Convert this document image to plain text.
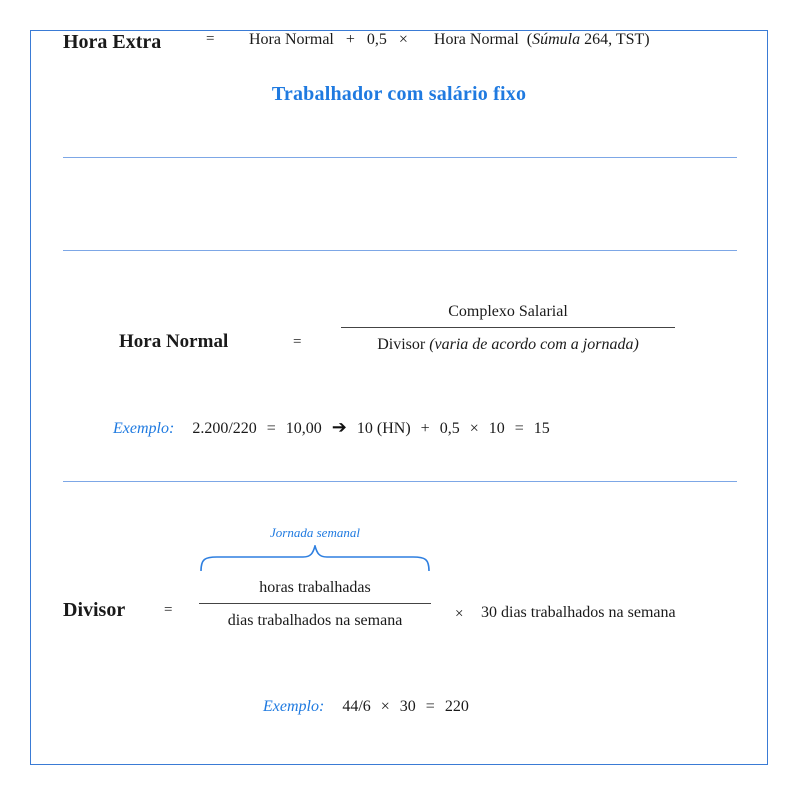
Trabalhador com salário fixo
Hora Extra	= Hora Normal + 0,5 × Hora Normal (Súmula 264, TST)
Hora Normal	=
Complexo Salarial
Divisor (varia de acordo com a jornada)
Exemplo: 2.200/220 = 10,00 ➔ 10 (HN) + 0,5 × 10 = 15
Jornada semanal
Divisor	=
horas trabalhadas
dias trabalhados na semana	× 30 dias trabalhados na semana
Exemplo: 44/6 × 30 = 220
